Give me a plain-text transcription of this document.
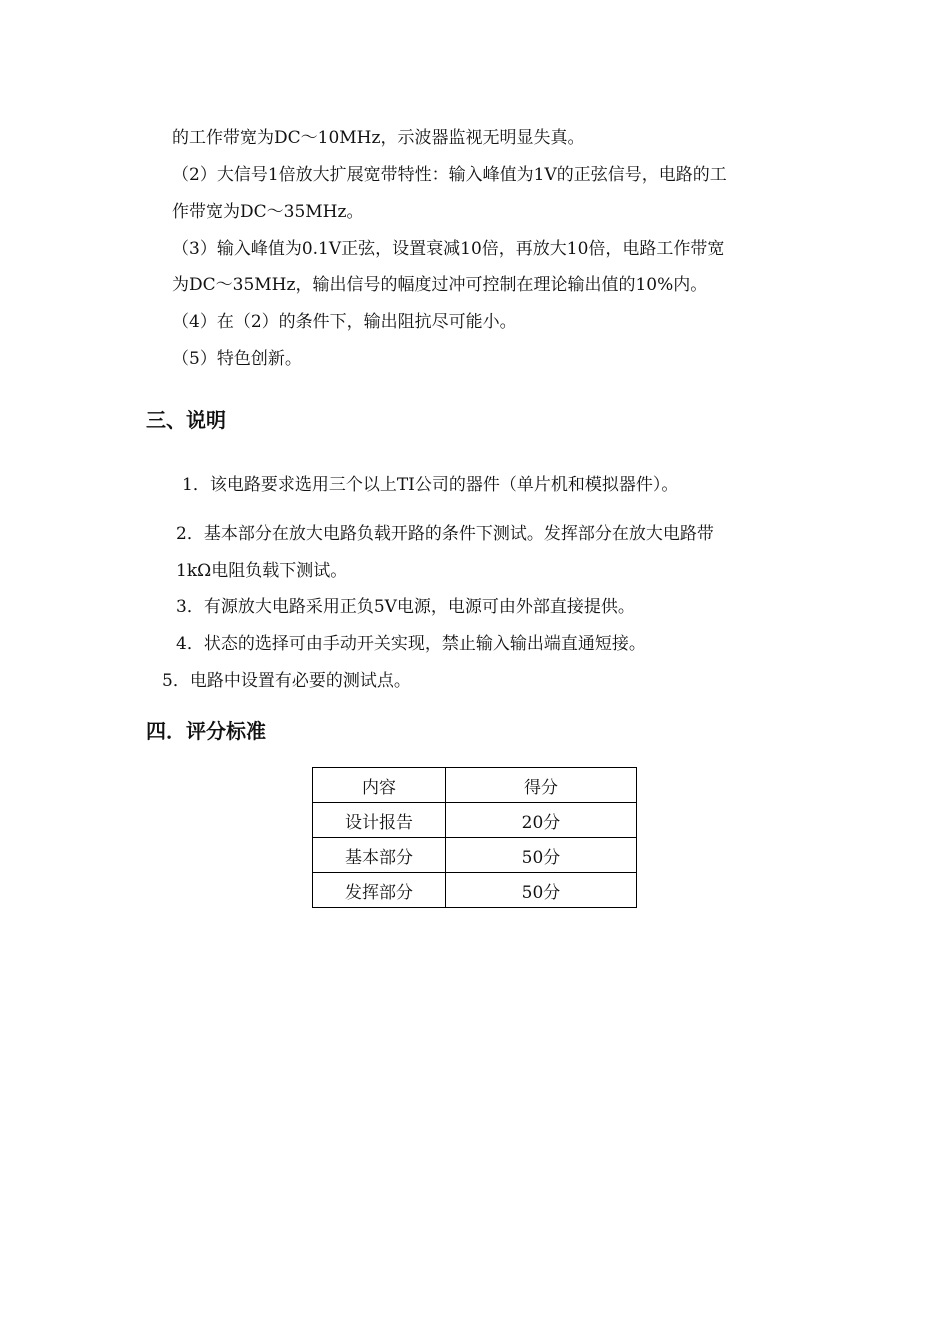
的工作带宽为DC～10MHz，示波器监视无明显失真。
（2）大信号1倍放大扩展宽带特性：输入峰值为1V的正弦信号，电路的工
作带宽为DC～35MHz。
（3）输入峰值为0.1V正弦，设置衰减10倍，再放大10倍，电路工作带宽
为DC～35MHz，输出信号的幅度过冲可控制在理论输出值的10%内。
（4）在（2）的条件下，输出阻抗尽可能小。
（5）特色创新。
三、说明
1．该电路要求选用三个以上TI公司的器件（单片机和模拟器件）。
2．基本部分在放大电路负载开路的条件下测试。发挥部分在放大电路带
1kΩ电阻负载下测试。
3．有源放大电路采用正负5V电源，电源可由外部直接提供。
4．状态的选择可由手动开关实现，禁止输入输出端直通短接。
5．电路中设置有必要的测试点。
四．评分标准
内容	得分
设计报告	20分
基本部分	50分
发挥部分	50分
